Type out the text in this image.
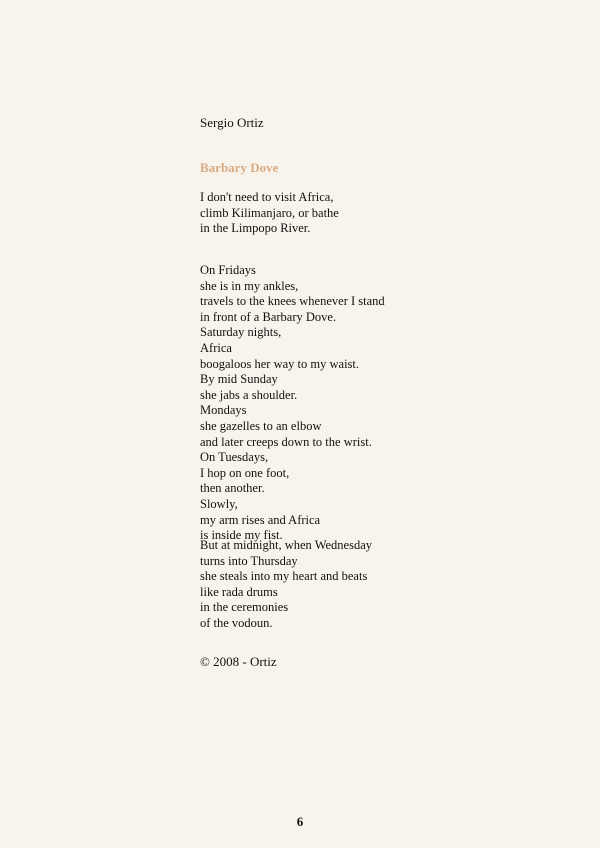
Sergio Ortiz
Barbary Dove
I don't need to visit Africa,
climb Kilimanjaro, or bathe
in the Limpopo River.
On Fridays
she is in my ankles,
travels to the knees whenever I stand
in front of a Barbary Dove.
Saturday nights,
Africa
boogaloos her way to my waist.
By mid Sunday
she jabs a shoulder.
Mondays
she gazelles to an elbow
and later creeps down to the wrist.
On Tuesdays,
I hop on one foot,
then another.
Slowly,
my arm rises and Africa
is inside my fist.
But at midnight, when Wednesday
turns into Thursday
she steals into my heart and beats
like rada drums
in the ceremonies
of the vodoun.
© 2008 - Ortiz
6
